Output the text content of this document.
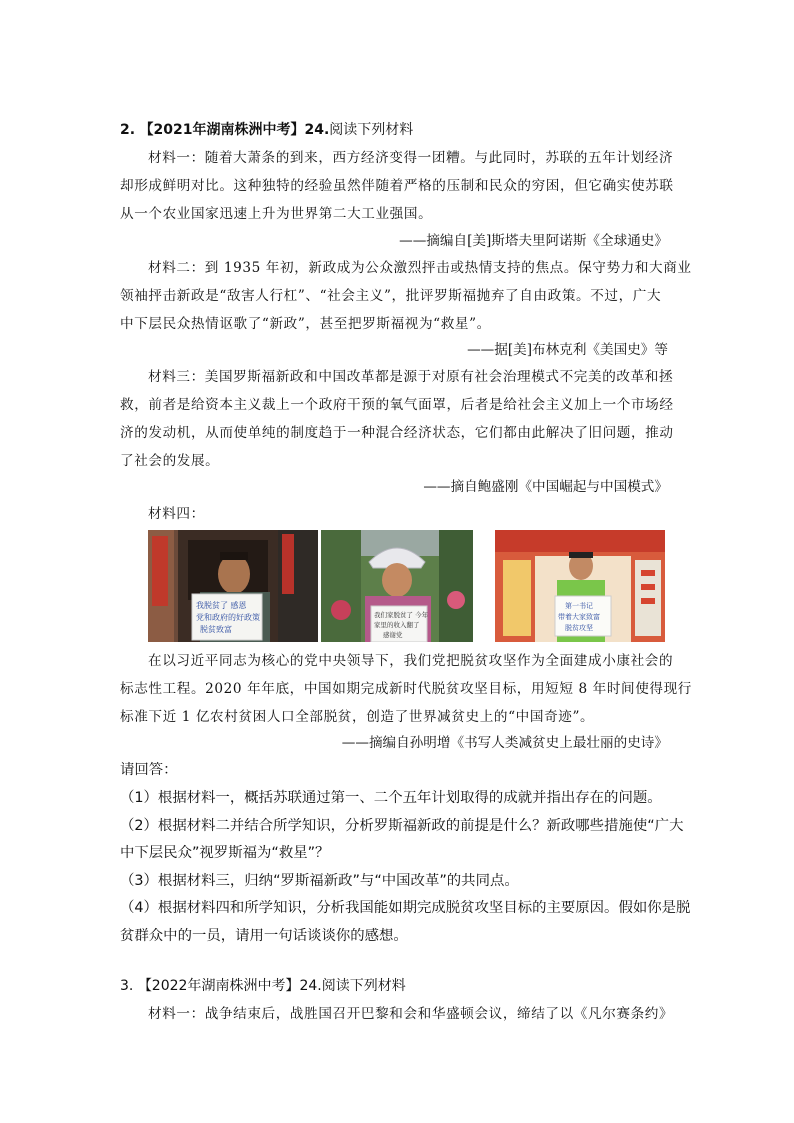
2. 【2021年湖南株洲中考】24.阅读下列材料
材料一：随着大萧条的到来，西方经济变得一团糟。与此同时，苏联的五年计划经济
却形成鲜明对比。这种独特的经验虽然伴随着严格的压制和民众的穷困，但它确实使苏联
从一个农业国家迅速上升为世界第二大工业强国。
——摘编自[美]斯塔夫里阿诺斯《全球通史》
材料二：到 1935 年初，新政成为公众激烈抨击或热情支持的焦点。保守势力和大商业
领袖抨击新政是“敌害人行杠”、“社会主义”，批评罗斯福抛弃了自由政策。不过，广大
中下层民众热情讴歌了“新政”，甚至把罗斯福视为“救星”。
——据[美]布林克利《美国史》等
材料三：美国罗斯福新政和中国改革都是源于对原有社会治理模式不完美的改革和拯
救，前者是给资本主义裁上一个政府干预的氧气面罩，后者是给社会主义加上一个市场经
济的发动机，从而使单纯的制度趋于一种混合经济状态，它们都由此解决了旧问题，推动
了社会的发展。
——摘自鲍盛刚《中国崛起与中国模式》
材料四：
我脱贫了 感恩
党和政府的好政策
脱贫致富
我们家脱贫了 今年
家里的收入翻了
感谢党
第一书记
带着大家致富
脱贫攻坚
在以习近平同志为核心的党中央领导下，我们党把脱贫攻坚作为全面建成小康社会的
标志性工程。2020 年年底，中国如期完成新时代脱贫攻坚目标，用短短 8 年时间使得现行
标准下近 1 亿农村贫困人口全部脱贫，创造了世界减贫史上的“中国奇迹”。
——摘编自孙明增《书写人类减贫史上最壮丽的史诗》
请回答：
（1）根据材料一，概括苏联通过第一、二个五年计划取得的成就并指出存在的问题。
（2）根据材料二并结合所学知识，分析罗斯福新政的前提是什么？新政哪些措施使“广大
中下层民众”视罗斯福为“救星”？
（3）根据材料三，归纳“罗斯福新政”与“中国改革”的共同点。
（4）根据材料四和所学知识，分析我国能如期完成脱贫攻坚目标的主要原因。假如你是脱
贫群众中的一员，请用一句话谈谈你的感想。
3. 【2022年湖南株洲中考】24.阅读下列材料
材料一：战争结束后，战胜国召开巴黎和会和华盛顿会议，缔结了以《凡尔赛条约》
